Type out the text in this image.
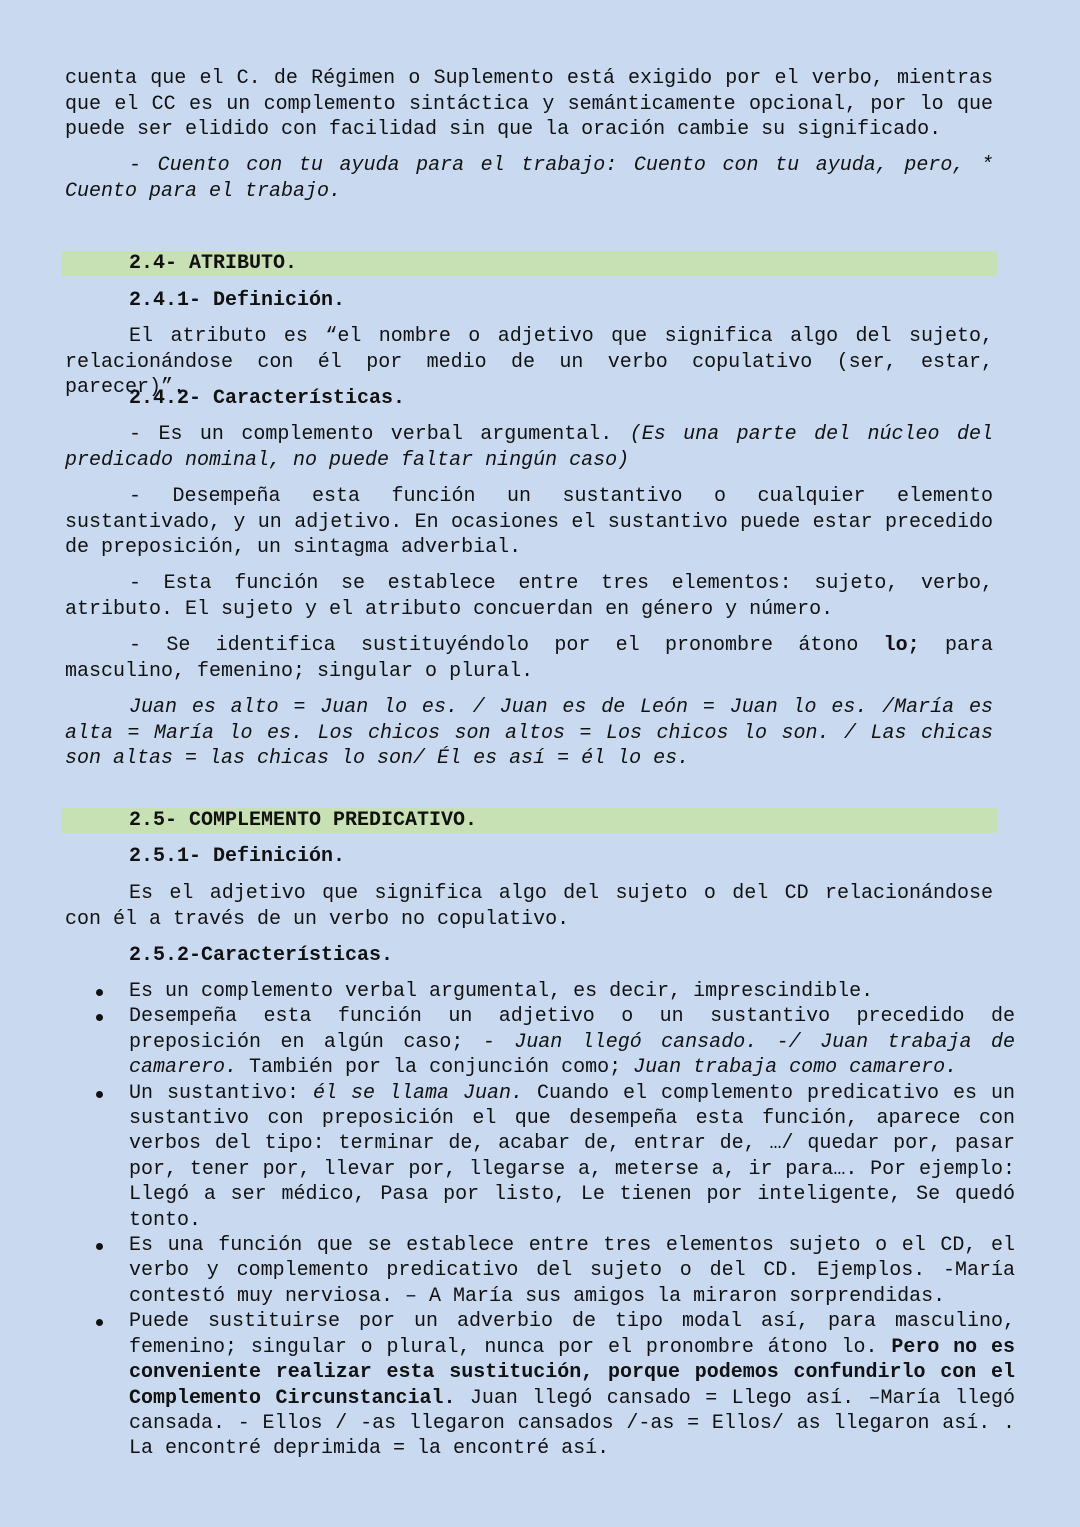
cuenta que el C. de Régimen o Suplemento está exigido por el verbo, mientras que el CC es un complemento sintáctica y semánticamente opcional, por lo que puede ser elidido con facilidad sin que la oración cambie su significado.

- Cuento con tu ayuda para el trabajo: Cuento con tu ayuda, pero, * Cuento para el trabajo.

2.4- ATRIBUTO.
2.4.1- Definición.

El atributo es “el nombre o adjetivo que significa algo del sujeto, relacionándose con él por medio de un verbo copulativo (ser, estar, parecer)”.

2.4.2- Características.

- Es un complemento verbal argumental. (Es una parte del núcleo del predicado nominal, no puede faltar ningún caso)

- Desempeña esta función un sustantivo o cualquier elemento sustantivado, y un adjetivo. En ocasiones el sustantivo puede estar precedido de preposición, un sintagma adverbial.

- Esta función se establece entre tres elementos: sujeto, verbo, atributo. El sujeto y el atributo concuerdan en género y número.

- Se identifica sustituyéndolo por el pronombre átono lo; para masculino, femenino; singular o plural.

Juan es alto = Juan lo es. / Juan es de León = Juan lo es. /María es alta = María lo es. Los chicos son altos = Los chicos lo son. / Las chicas son altas = las chicas lo son/ Él es así = él lo es.

2.5- COMPLEMENTO PREDICATIVO.
2.5.1- Definición.

Es el adjetivo que significa algo del sujeto o del CD relacionándose con él a través de un verbo no copulativo.

2.5.2-Características.
Es un complemento verbal argumental, es decir, imprescindible.
Desempeña esta función un adjetivo o un sustantivo precedido de preposición en algún caso; - Juan llegó cansado. -/ Juan trabaja de camarero. También por la conjunción como; Juan trabaja como camarero.
Un sustantivo: él se llama Juan. Cuando el complemento predicativo es un sustantivo con preposición el que desempeña esta función, aparece con verbos del tipo: terminar de, acabar de, entrar de, …/ quedar por, pasar por, tener por, llevar por, llegarse a, meterse a, ir para…. Por ejemplo: Llegó a ser médico, Pasa por listo, Le tienen por inteligente, Se quedó tonto.
Es una función que se establece entre tres elementos sujeto o el CD, el verbo y complemento predicativo del sujeto o del CD. Ejemplos. -María contestó muy nerviosa. – A María sus amigos la miraron sorprendidas.
Puede sustituirse por un adverbio de tipo modal así, para masculino, femenino; singular o plural, nunca por el pronombre átono lo. Pero no es conveniente realizar esta sustitución, porque podemos confundirlo con el Complemento Circunstancial. Juan llegó cansado = Llego así. –María llegó cansada. - Ellos / -as llegaron cansados /-as = Ellos/ as llegaron así. . La encontré deprimida = la encontré así.
